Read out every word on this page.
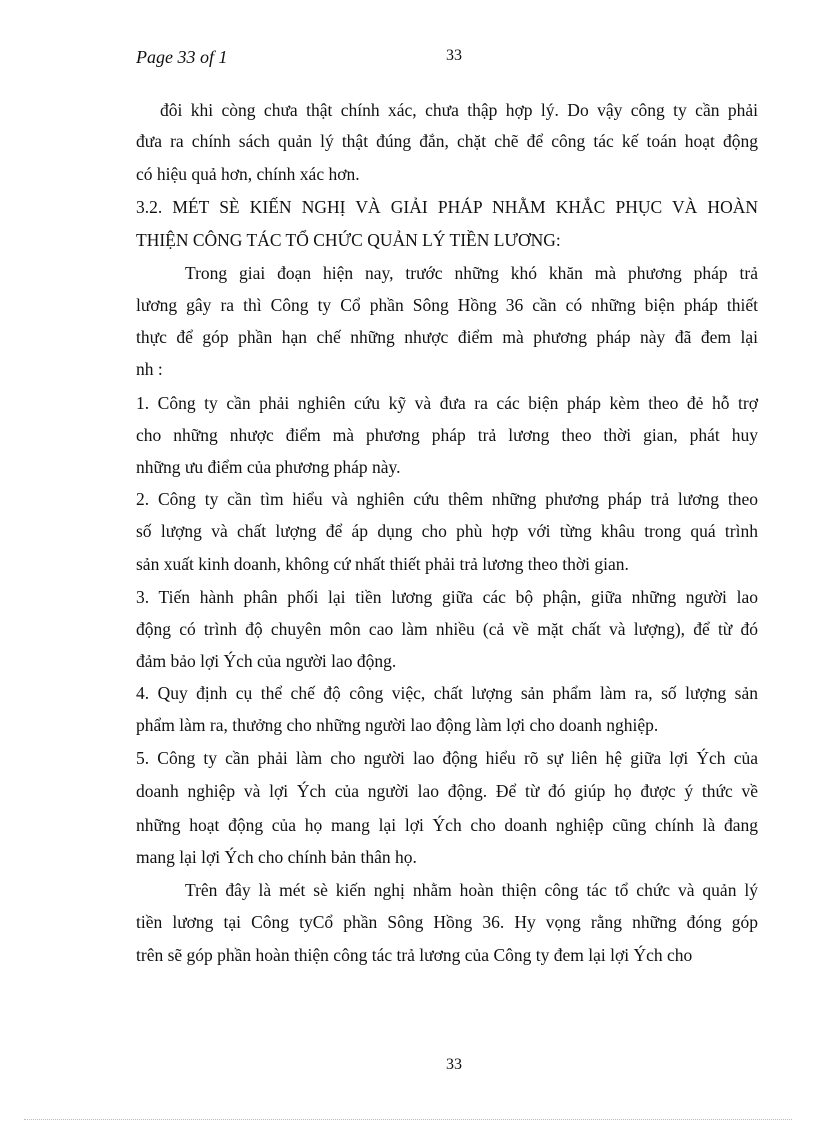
Page 33 of 1	33
đôi khi còng chưa thật chính xác, chưa thập hợp lý. Do vậy công ty cần phải
đưa ra chính sách quản lý thật đúng đắn, chặt chẽ để công tác kế toán hoạt động
có hiệu quả hơn, chính xác hơn.
3.2. MÉT SÈ KIẾN NGHỊ VÀ GIẢI PHÁP NHẰM KHẮC PHỤC VÀ HOÀN
THIỆN CÔNG TÁC TỔ CHỨC QUẢN LÝ TIỀN LƯƠNG:
Trong giai đoạn hiện nay, trước những khó khăn mà phương pháp trả
lương gây ra thì Công ty Cổ phần Sông Hồng 36 cần có những biện pháp thiết
thực để góp phần hạn chế những nhược điểm mà phương pháp này đã đem lại
nh :
1. Công ty cần phải nghiên cứu kỹ và đưa ra các biện pháp kèm theo đẻ hỗ trợ
cho những nhược điểm mà phương pháp trả lương theo thời gian, phát huy
những ưu điểm của phương pháp này.
2. Công ty cần tìm hiểu và nghiên cứu thêm những phương pháp trả lương theo
số lượng và chất lượng để áp dụng cho phù hợp với từng khâu trong quá trình
sản xuất kinh doanh, không cứ nhất thiết phải trả lương theo thời gian.
3. Tiến hành phân phối lại tiền lương giữa các bộ phận, giữa những người lao
động có trình độ chuyên môn cao làm nhiều (cả về mặt chất và lượng), để từ đó
đảm bảo lợi Ých của người lao động.
4. Quy định cụ thể chế độ công việc, chất lượng sản phẩm làm ra, số lượng sản
phẩm làm ra, thưởng cho những người lao động làm lợi cho doanh nghiệp.
5. Công ty cần phải làm cho người lao động hiểu rõ sự liên hệ giữa lợi Ých của
doanh nghiệp và lợi Ých của người lao động. Để từ đó giúp họ được ý thức về
những hoạt động của họ mang lại lợi Ých cho doanh nghiệp cũng chính là đang
mang lại lợi Ých cho chính bản thân họ.
Trên đây là mét sè kiến nghị nhằm hoàn thiện công tác tổ chức và quản lý
tiền lương tại Công tyCổ phần Sông Hồng 36. Hy vọng rằng những đóng góp
trên sẽ góp phần hoàn thiện công tác trả lương của Công ty đem lại lợi Ých cho
33
